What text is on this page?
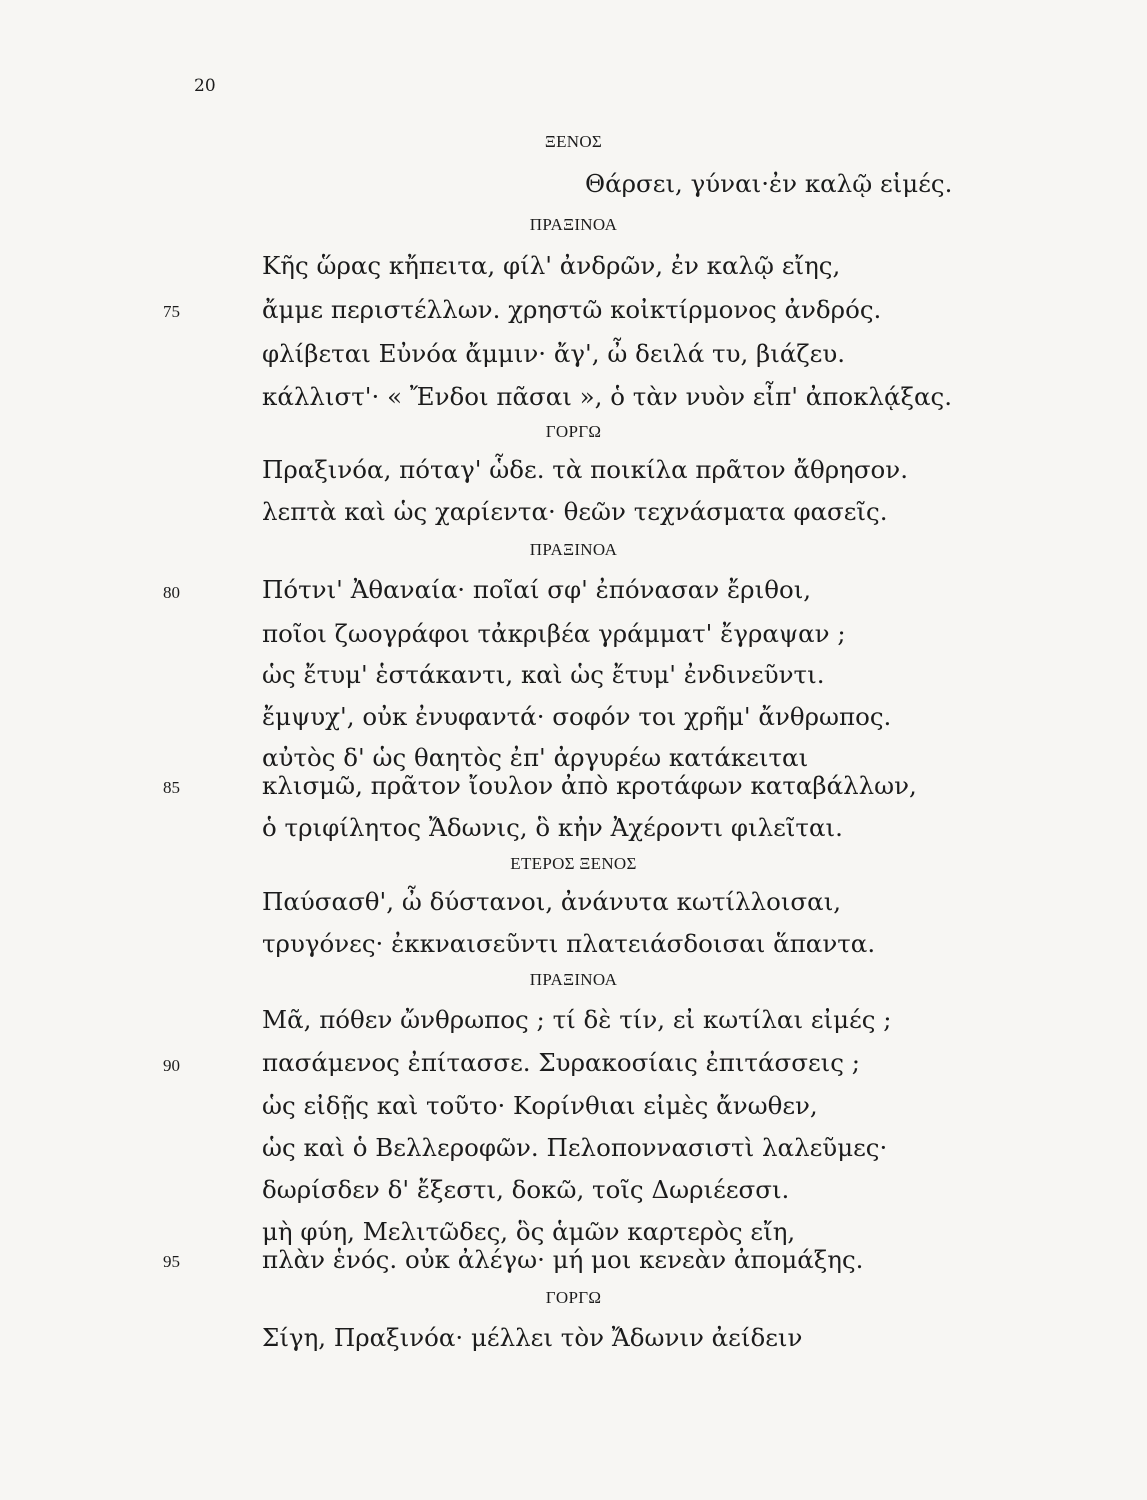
20
ΞΕΝΟΣ
Θάρσει, γύναι·ἐν καλῷ εἱμές.
ΠΡΑΞΙΝΟΑ
Κῆς ὥρας κἤπειτα, φίλ' ἀνδρῶν, ἐν καλῷ εἴης,
75	ἄμμε περιστέλλων. χρηστῶ κοἰκτίρμονος ἀνδρός.
φλίβεται Εὐνόα ἄμμιν· ἄγ', ὦ δειλά τυ, βιάζευ.
κάλλιστ'· « Ἔνδοι πᾶσαι », ὁ τὰν νυὸν εἶπ' ἀποκλᾴξας.
ΓΟΡΓΩ
Πραξινόα, πόταγ' ὧδε. τὰ ποικίλα πρᾶτον ἄθρησον.
λεπτὰ καὶ ὡς χαρίεντα· θεῶν τεχνάσματα φασεῖς.
ΠΡΑΞΙΝΟΑ
80	Πότνι' Ἀθαναία· ποῖαί σφ' ἐπόνασαν ἔριθοι,
ποῖοι ζωογράφοι τἀκριβέα γράμματ' ἔγραψαν ;
ὡς ἔτυμ' ἑστάκαντι, καὶ ὡς ἔτυμ' ἐνδινεῦντι.
ἔμψυχ', οὐκ ἐνυφαντά· σοφόν τοι χρῆμ' ἄνθρωπος.
αὐτὸς δ' ὡς θαητὸς ἐπ' ἀργυρέω κατάκειται
85	κλισμῶ, πρᾶτον ἴουλον ἀπὸ κροτάφων καταβάλλων,
ὁ τριφίλητος Ἄδωνις, ὃ κἠν Ἀχέροντι φιλεῖται.
ΕΤΕΡΟΣ ΞΕΝΟΣ
Παύσασθ', ὦ δύστανοι, ἀνάνυτα κωτίλλοισαι,
τρυγόνες· ἐκκναισεῦντι πλατειάσδοισαι ἅπαντα.
ΠΡΑΞΙΝΟΑ
Μᾶ, πόθεν ὤνθρωπος ; τί δὲ τίν, εἰ κωτίλαι εἰμές ;
90	πασάμενος ἐπίτασσε. Συρακοσίαις ἐπιτάσσεις ;
ὡς εἰδῇς καὶ τοῦτο· Κορίνθιαι εἰμὲς ἄνωθεν,
ὡς καὶ ὁ Βελλεροφῶν. Πελοποννασιστὶ λαλεῦμες·
δωρίσδεν δ' ἔξεστι, δοκῶ, τοῖς Δωριέεσσι.
μὴ φύη, Μελιτῶδες, ὃς ἁμῶν καρτερὸς εἴη,
95	πλὰν ἑνός. οὐκ ἀλέγω· μή μοι κενεὰν ἀπομάξης.
ΓΟΡΓΩ
Σίγη, Πραξινόα· μέλλει τὸν Ἄδωνιν ἀείδειν
